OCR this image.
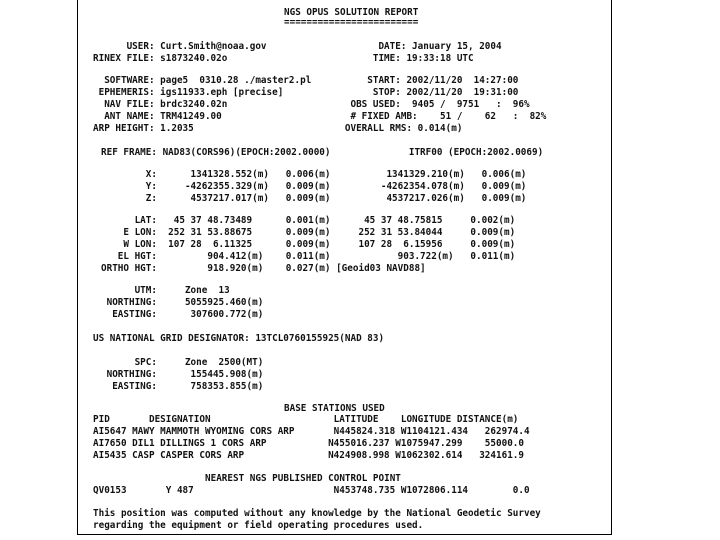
NGS OPUS SOLUTION REPORT
========================
USER: Curt.Smith@noaa.gov                    DATE: January 15, 2004
RINEX FILE: s1873240.02o                          TIME: 19:33:18 UTC
SOFTWARE: page5  0310.28 ./master2.pl          START: 2002/11/20  14:27:00
EPHEMERIS: igs11933.eph [precise]                STOP: 2002/11/20  19:31:00
NAV FILE: brdc3240.02n                      OBS USED:  9405 /  9751   :  96%
ANT NAME: TRM41249.00                       # FIXED AMB:    51 /    62   :  82%
ARP HEIGHT: 1.2035                           OVERALL RMS: 0.014(m)
REF FRAME: NAD83(CORS96)(EPOCH:2002.0000)              ITRF00 (EPOCH:2002.0069)
X:      1341328.552(m)   0.006(m)          1341329.210(m)   0.006(m)
Y:     -4262355.329(m)   0.009(m)         -4262354.078(m)   0.009(m)
Z:      4537217.017(m)   0.009(m)          4537217.026(m)   0.009(m)
LAT:   45 37 48.73489      0.001(m)      45 37 48.75815     0.002(m)
E LON:  252 31 53.88675      0.009(m)     252 31 53.84044     0.009(m)
W LON:  107 28  6.11325      0.009(m)     107 28  6.15956     0.009(m)
EL HGT:         904.412(m)    0.011(m)            903.722(m)   0.011(m)
ORTHO HGT:         918.920(m)    0.027(m) [Geoid03 NAVD88]
UTM:     Zone  13
NORTHING:     5055925.460(m)
EASTING:      307600.772(m)
US NATIONAL GRID DESIGNATOR: 13TCL0760155925(NAD 83)
SPC:     Zone  2500(MT)
NORTHING:      155445.908(m)
EASTING:      758353.855(m)
BASE STATIONS USED
PID       DESIGNATION                      LATITUDE    LONGITUDE DISTANCE(m)
AI5647 MAWY MAMMOTH WYOMING CORS ARP       N445824.318 W1104121.434   262974.4
AI7650 DIL1 DILLINGS 1 CORS ARP           N455016.237 W1075947.299    55000.0
AI5435 CASP CASPER CORS ARP               N424908.998 W1062302.614   324161.9
NEAREST NGS PUBLISHED CONTROL POINT
QV0153       Y 487                         N453748.735 W1072806.114        0.0
This position was computed without any knowledge by the National Geodetic Survey
regarding the equipment or field operating procedures used.
